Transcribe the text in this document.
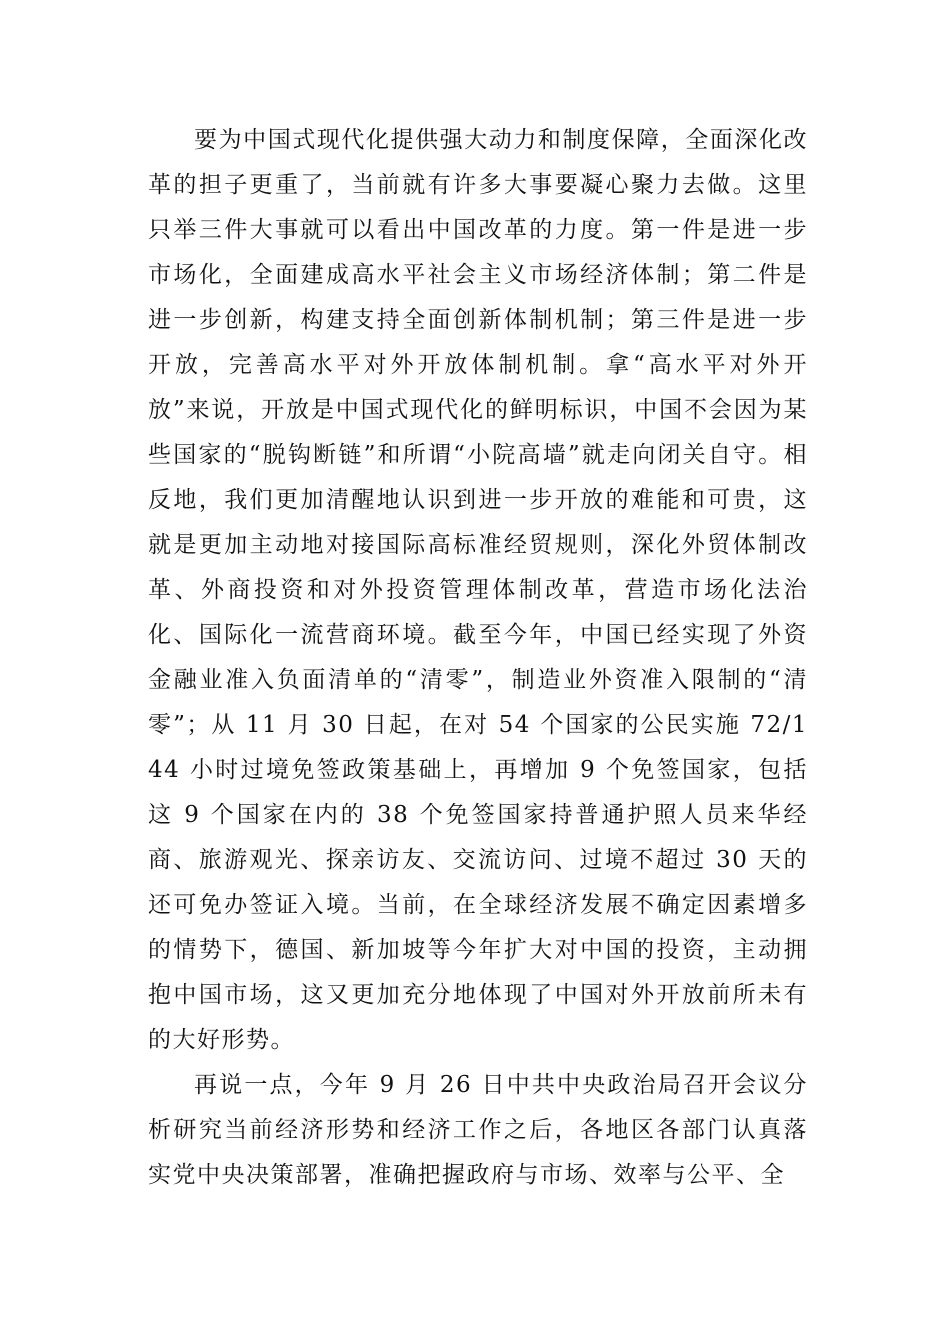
要为中国式现代化提供强大动力和制度保障，全面深化改革的担子更重了，当前就有许多大事要凝心聚力去做。这里只举三件大事就可以看出中国改革的力度。第一件是进一步市场化，全面建成高水平社会主义市场经济体制；第二件是进一步创新，构建支持全面创新体制机制；第三件是进一步开放，完善高水平对外开放体制机制。拿“高水平对外开放”来说，开放是中国式现代化的鲜明标识，中国不会因为某些国家的“脱钩断链”和所谓“小院高墙”就走向闭关自守。相反地，我们更加清醒地认识到进一步开放的难能和可贵，这就是更加主动地对接国际高标准经贸规则，深化外贸体制改革、外商投资和对外投资管理体制改革，营造市场化法治化、国际化一流营商环境。截至今年，中国已经实现了外资金融业准入负面清单的“清零”，制造业外资准入限制的“清零”；从 11 月 30 日起，在对 54 个国家的公民实施 72/144 小时过境免签政策基础上，再增加 9 个免签国家，包括这 9 个国家在内的 38 个免签国家持普通护照人员来华经商、旅游观光、探亲访友、交流访问、过境不超过 30 天的还可免办签证入境。当前，在全球经济发展不确定因素增多的情势下，德国、新加坡等今年扩大对中国的投资，主动拥抱中国市场，这又更加充分地体现了中国对外开放前所未有的大好形势。

再说一点，今年 9 月 26 日中共中央政治局召开会议分析研究当前经济形势和经济工作之后，各地区各部门认真落实党中央决策部署，准确把握政府与市场、效率与公平、全
